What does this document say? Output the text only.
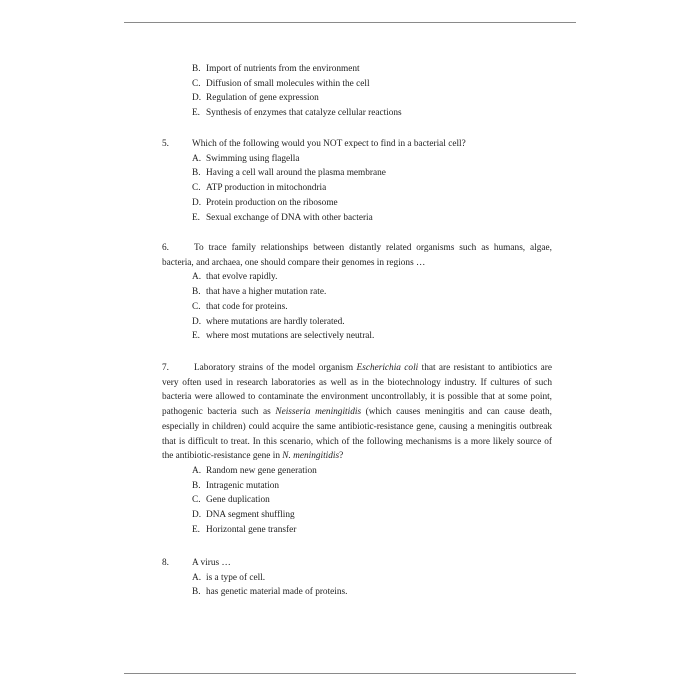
B. Import of nutrients from the environment
C. Diffusion of small molecules within the cell
D. Regulation of gene expression
E. Synthesis of enzymes that catalyze cellular reactions
5.	Which of the following would you NOT expect to find in a bacterial cell?
A. Swimming using flagella
B. Having a cell wall around the plasma membrane
C. ATP production in mitochondria
D. Protein production on the ribosome
E. Sexual exchange of DNA with other bacteria
6.	To trace family relationships between distantly related organisms such as humans, algae, bacteria, and archaea, one should compare their genomes in regions …
A. that evolve rapidly.
B. that have a higher mutation rate.
C. that code for proteins.
D. where mutations are hardly tolerated.
E. where most mutations are selectively neutral.
7.	Laboratory strains of the model organism Escherichia coli that are resistant to antibiotics are very often used in research laboratories as well as in the biotechnology industry. If cultures of such bacteria were allowed to contaminate the environment uncontrollably, it is possible that at some point, pathogenic bacteria such as Neisseria meningitidis (which causes meningitis and can cause death, especially in children) could acquire the same antibiotic-resistance gene, causing a meningitis outbreak that is difficult to treat. In this scenario, which of the following mechanisms is a more likely source of the antibiotic-resistance gene in N. meningitidis?
A. Random new gene generation
B. Intragenic mutation
C. Gene duplication
D. DNA segment shuffling
E. Horizontal gene transfer
8.	A virus …
A. is a type of cell.
B. has genetic material made of proteins.
